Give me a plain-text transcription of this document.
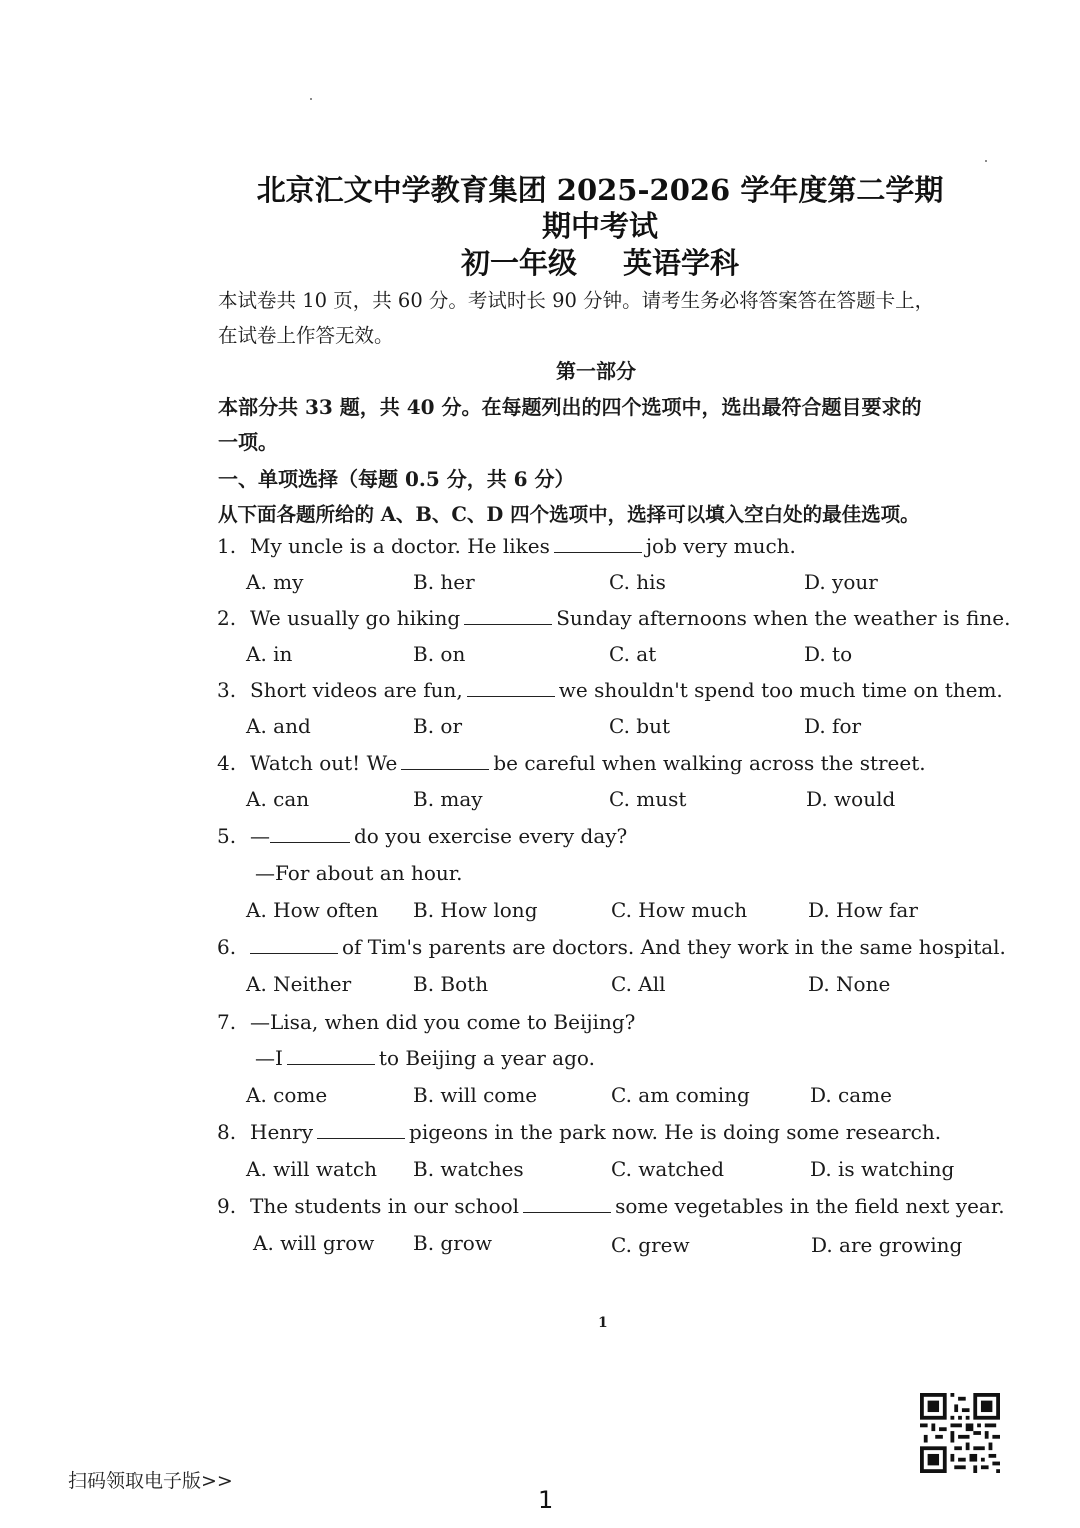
北京汇文中学教育集团 2025-2026 学年度第二学期
期中考试
初一年级 英语学科
本试卷共 10 页，共 60 分。考试时长 90 分钟。请考生务必将答案答在答题卡上，
在试卷上作答无效。
第一部分
本部分共 33 题，共 40 分。在每题列出的四个选项中，选出最符合题目要求的
一项。
一、单项选择（每题 0.5 分，共 6 分）
从下面各题所给的 A、B、C、D 四个选项中，选择可以填入空白处的最佳选项。
1. My uncle is a doctor. He likes	job very much.
A. my	B. her	C. his	D. your
2. We usually go hiking	Sunday afternoons when the weather is fine.
A. in	B. on	C. at	D. to
3. Short videos are fun,	we shouldn't spend too much time on them.
A. and	B. or	C. but	D. for
4. Watch out! We	be careful when walking across the street.
A. can	B. may	C. must	D. would
5. —	do you exercise every day?
—For about an hour.
A. How often B. How long	C. How much	D. How far
6.	of Tim's parents are doctors. And they work in the same hospital.
A. Neither	B. Both	C. All	D. None
7. —Lisa, when did you come to Beijing?
—I	to Beijing a year ago.
A. come	B. will come	C. am coming	D. came
8. Henry	pigeons in the park now. He is doing some research.
A. will watch B. watches	C. watched	D. is watching
9. The students in our school	some vegetables in the field next year.
A. will grow B. grow	C. grew	D. are growing
1
扫码领取电子版>>
1
